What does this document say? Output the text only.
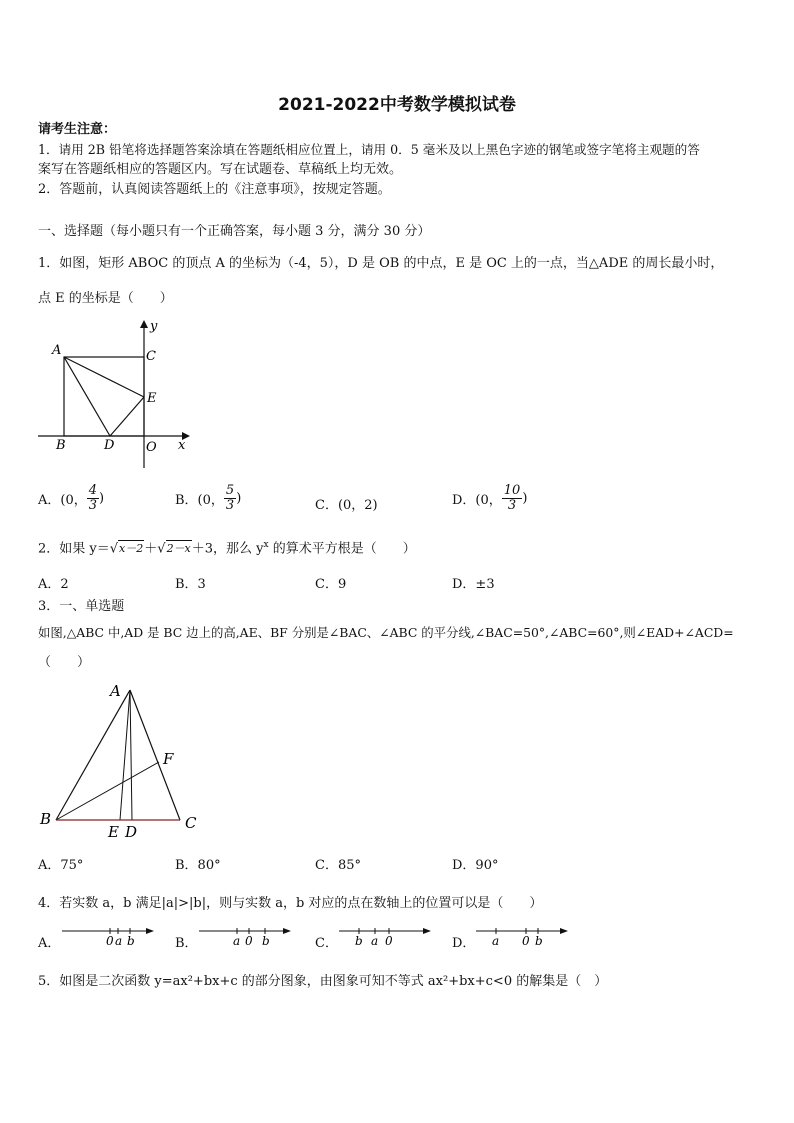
2021-2022中考数学模拟试卷
请考生注意：
1．请用 2B 铅笔将选择题答案涂填在答题纸相应位置上，请用 0．5 毫米及以上黑色字迹的钢笔或签字笔将主观题的答
案写在答题纸相应的答题区内。写在试题卷、草稿纸上均无效。
2．答题前，认真阅读答题纸上的《注意事项》，按规定答题。
一、选择题（每小题只有一个正确答案，每小题 3 分，满分 30 分）
1．如图，矩形 ABOC 的顶点 A 的坐标为（-4，5），D 是 OB 的中点，E 是 OC 上的一点，当△ADE 的周长最小时，
点 E 的坐标是（　　）
A	C
E
B	D O x
y
A．(0， $\frac{4}{3}$ )	B．(0， $\frac{5}{3}$ )	C．(0，2)	D．(0， $\frac{10}{3}$ )
2．如果 y＝√x－2＋√2－x＋3，那么 $y^x$ 的算术平方根是（　　）
A．2	B．3	C．9	D．±3
3．一、单选题
如图,△ABC 中,AD 是 BC 边上的高,AE、BF 分别是∠BAC、∠ABC 的平分线,∠BAC=50°,∠ABC=60°,则∠EAD+∠ACD=
（　　）
A
F
B	C
E D
A．75°	B．80°	C．85°	D．90°
4．若实数 a，b 满足|a|>|b|，则与实数 a，b 对应的点在数轴上的位置可以是（　　）
A．	0 a b	B．	a 0 b	C． b a 0	D． a 0 b
5．如图是二次函数 y=ax²+bx+c 的部分图象，由图象可知不等式 ax²+bx+c<0 的解集是（　）
